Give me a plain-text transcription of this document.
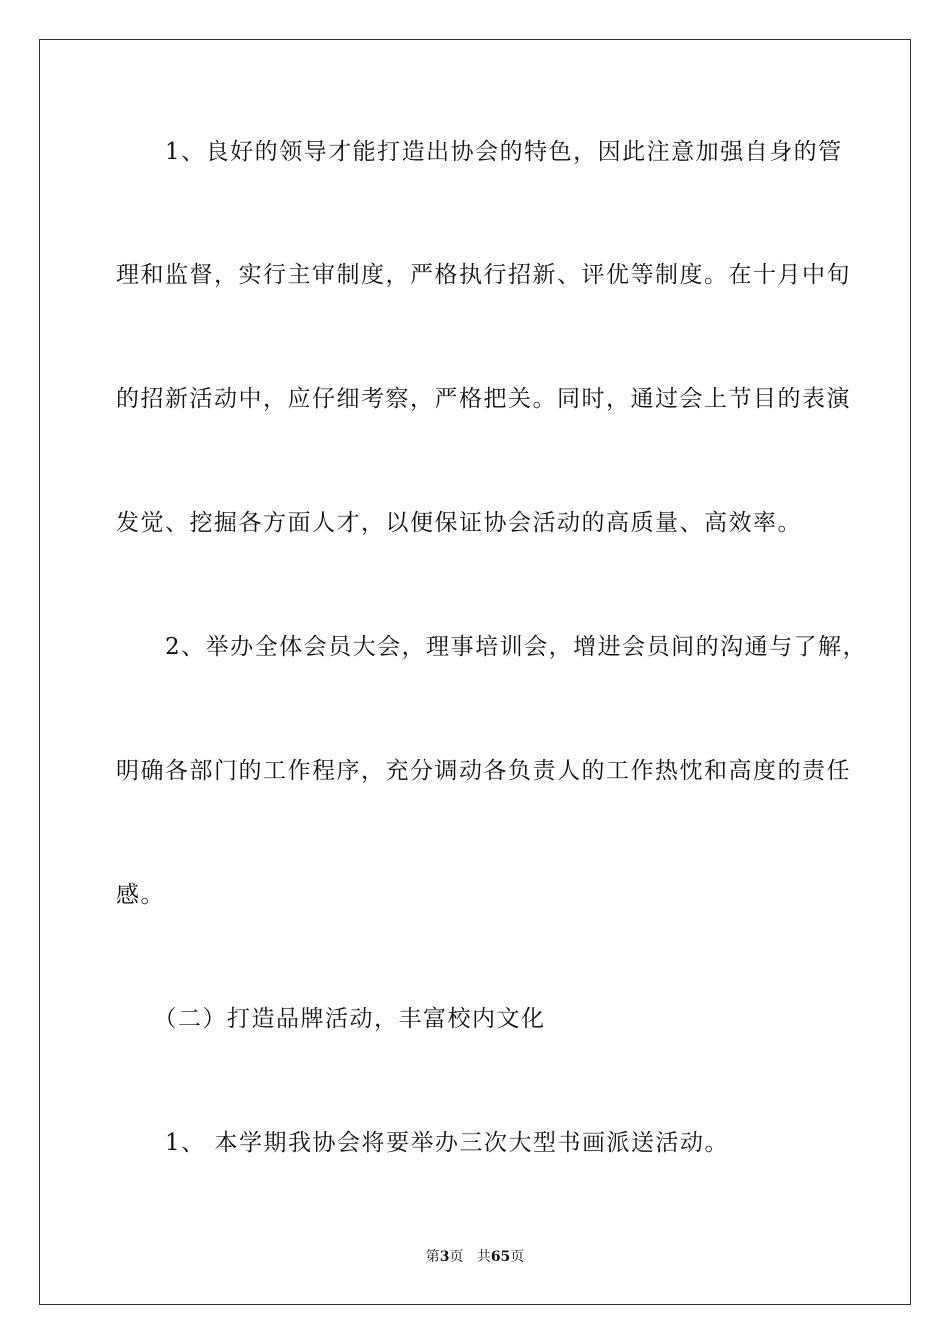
　　1、良好的领导才能打造出协会的特色，因此注意加强自身的管
理和监督，实行主审制度，严格执行招新、评优等制度。在十月中旬
的招新活动中，应仔细考察，严格把关。同时，通过会上节目的表演
发觉、挖掘各方面人才，以便保证协会活动的高质量、高效率。
　　2、举办全体会员大会，理事培训会，增进会员间的沟通与了解，
明确各部门的工作程序，充分调动各负责人的工作热忱和高度的责任
感。
　　（二）打造品牌活动，丰富校内文化
　　1、 本学期我协会将要举办三次大型书画派送活动。
第3页 共65页
